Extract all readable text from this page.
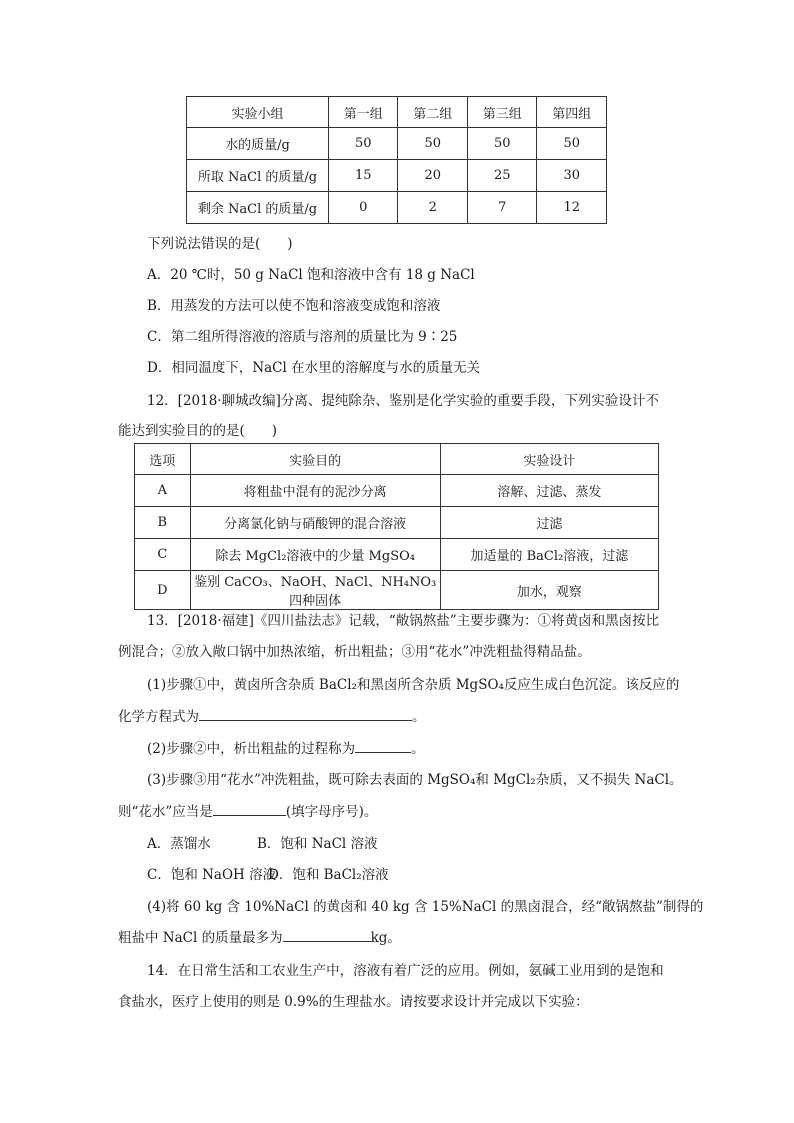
实验小组	第一组	第二组	第三组	第四组
水的质量/g	50	50	50	50
所取 NaCl 的质量/g	15	20	25	30
剩余 NaCl 的质量/g	0	2	7	12
下列说法错误的是(　　)
A．20 ℃时，50 g NaCl 饱和溶液中含有 18 g NaCl
B．用蒸发的方法可以使不饱和溶液变成饱和溶液
C．第二组所得溶液的溶质与溶剂的质量比为 9∶25
D．相同温度下，NaCl 在水里的溶解度与水的质量无关
12．[2018·聊城改编]分离、提纯除杂、鉴别是化学实验的重要手段，下列实验设计不
能达到实验目的的是(　　)
选项	实验目的	实验设计
A	将粗盐中混有的泥沙分离	溶解、过滤、蒸发
B	分离氯化钠与硝酸钾的混合溶液	过滤
C	除去 MgCl₂溶液中的少量 MgSO₄	加适量的 BaCl₂溶液，过滤
D	鉴别 CaCO₃、NaOH、NaCl、NH₄NO₃四种固体	加水，观察
13．[2018·福建]《四川盐法志》记载，“敞锅熬盐”主要步骤为：①将黄卤和黑卤按比
例混合；②放入敞口锅中加热浓缩，析出粗盐；③用“花水”冲洗粗盐得精品盐。
(1)步骤①中，黄卤所含杂质 BaCl₂和黑卤所含杂质 MgSO₄反应生成白色沉淀。该反应的
化学方程式为	。
(2)步骤②中，析出粗盐的过程称为	。
(3)步骤③用“花水”冲洗粗盐，既可除去表面的 MgSO₄和 MgCl₂杂质，又不损失 NaCl。
则“花水”应当是	(填字母序号)。
A．蒸馏水	B．饱和 NaCl 溶液
C．饱和 NaOH 溶液
D．饱和 BaCl₂溶液
(4)将 60 kg 含 10%NaCl 的黄卤和 40 kg 含 15%NaCl 的黑卤混合，经“敞锅熬盐”制得的
粗盐中 NaCl 的质量最多为	kg。
14．在日常生活和工农业生产中，溶液有着广泛的应用。例如，氨碱工业用到的是饱和
食盐水，医疗上使用的则是 0.9%的生理盐水。请按要求设计并完成以下实验：
